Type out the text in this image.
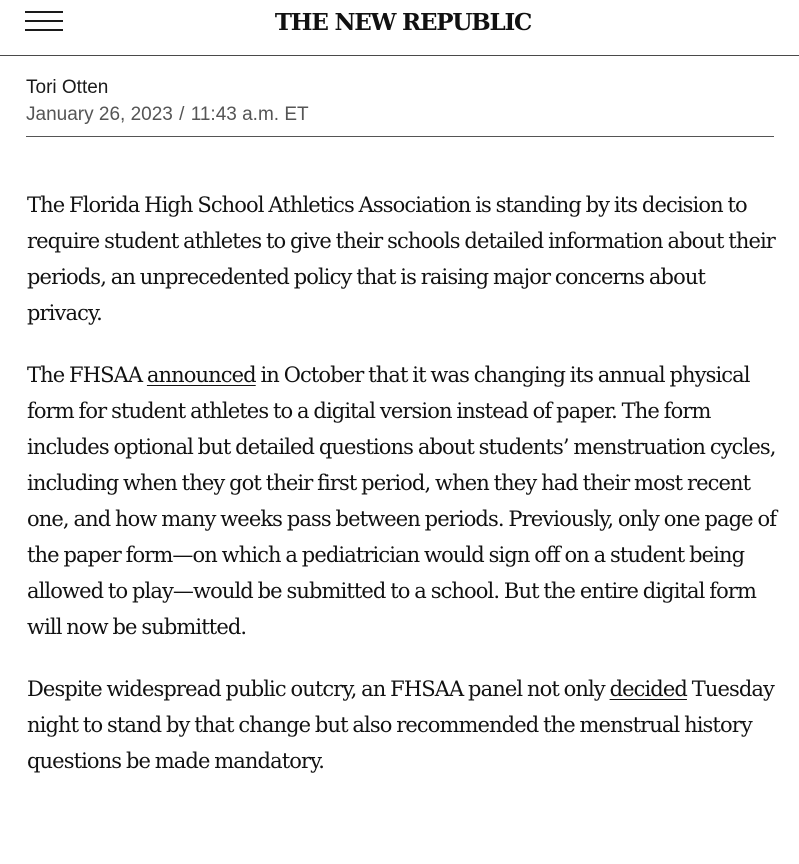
THE NEW REPUBLIC
Tori Otten
January 26, 2023 / 11:43 a.m. ET

The Florida High School Athletics Association is standing by its decision to require student athletes to give their schools detailed information about their periods, an unprecedented policy that is raising major concerns about privacy.

The FHSAA announced in October that it was changing its annual physical form for student athletes to a digital version instead of paper. The form includes optional but detailed questions about students’ menstruation cycles, including when they got their first period, when they had their most recent one, and how many weeks pass between periods. Previously, only one page of the paper form—on which a pediatrician would sign off on a student being allowed to play—would be submitted to a school. But the entire digital form will now be submitted.

Despite widespread public outcry, an FHSAA panel not only decided Tuesday night to stand by that change but also recommended the menstrual history questions be made mandatory.
